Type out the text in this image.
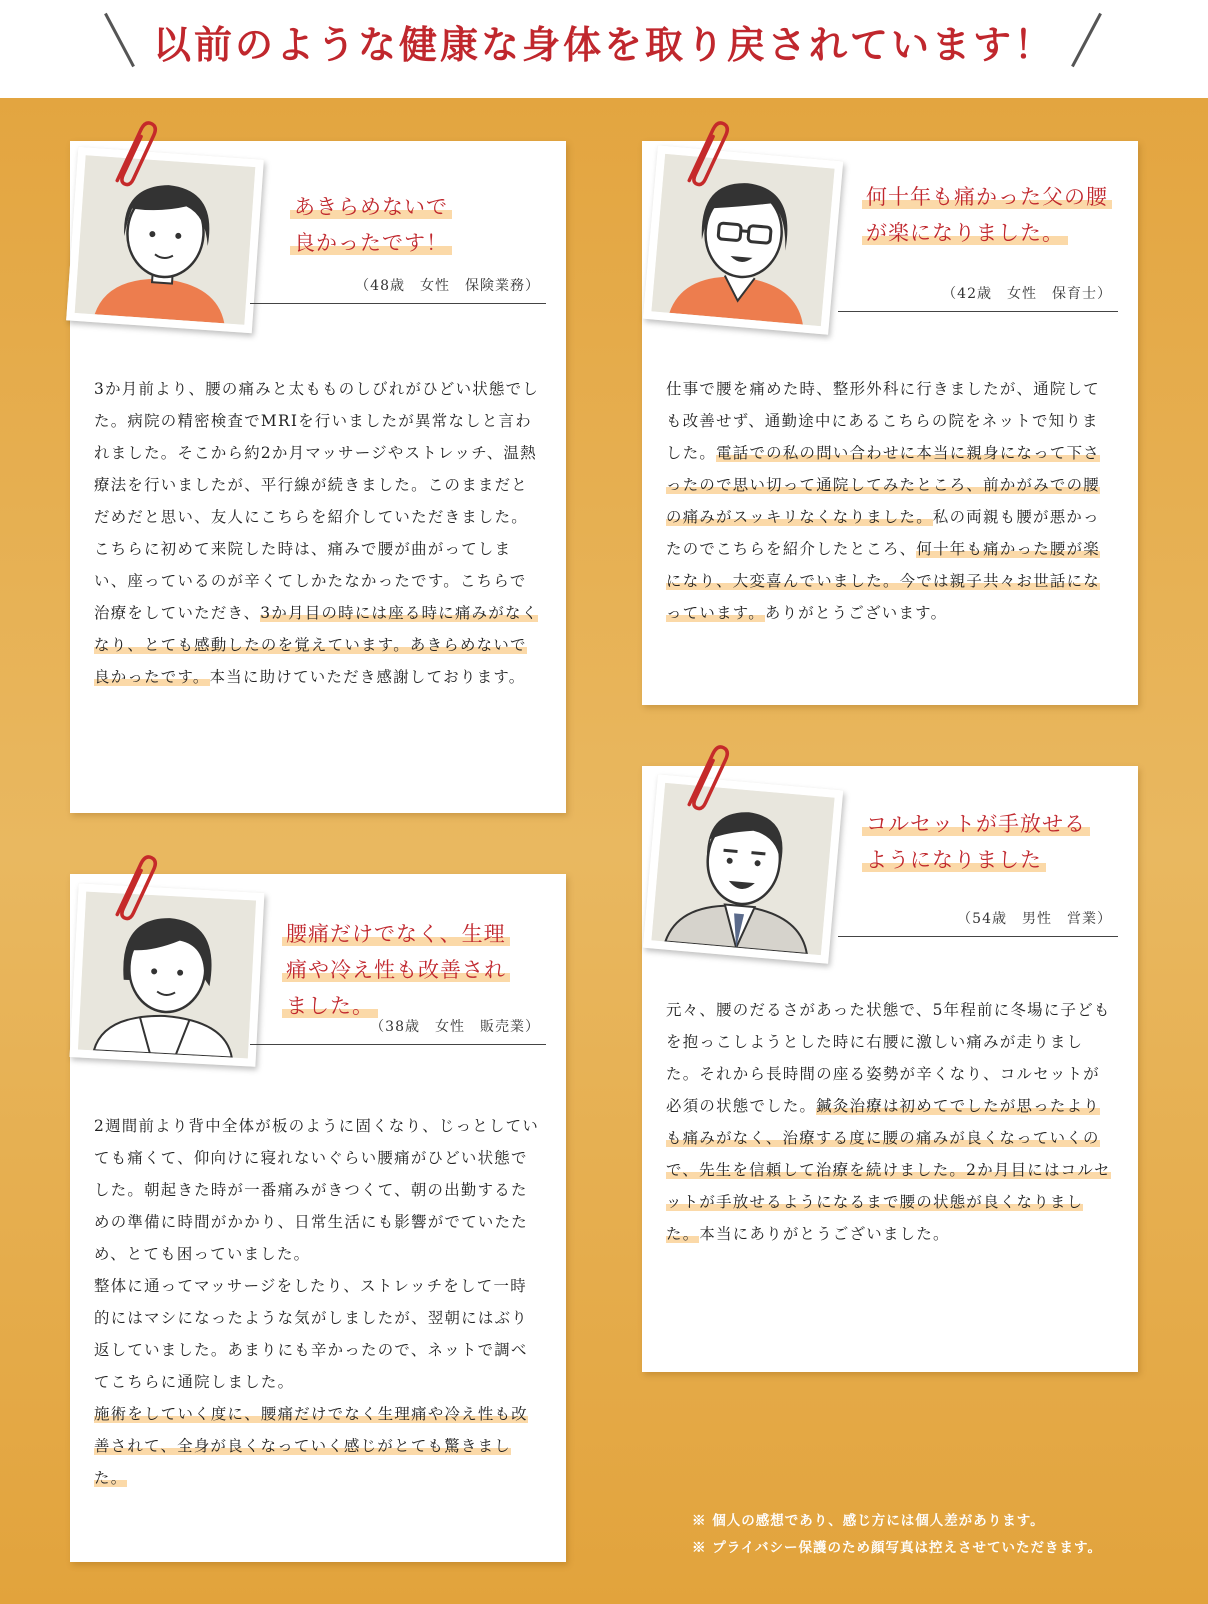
以前のような健康な身体を取り戻されています！
あきらめないで
良かったです！
（48歳　女性　保険業務）

3か月前より、腰の痛みと太もものしびれがひどい状態でした。病院の精密検査でMRIを行いましたが異常なしと言われました。そこから約2か月マッサージやストレッチ、温熱療法を行いましたが、平行線が続きました。このままだとだめだと思い、友人にこちらを紹介していただきました。

こちらに初めて来院した時は、痛みで腰が曲がってしまい、座っているのが辛くてしかたなかったです。こちらで治療をしていただき、3か月目の時には座る時に痛みがなくなり、とても感動したのを覚えています。あきらめないで良かったです。本当に助けていただき感謝しております。

何十年も痛かった父の腰
が楽になりました。
（42歳　女性　保育士）

仕事で腰を痛めた時、整形外科に行きましたが、通院しても改善せず、通勤途中にあるこちらの院をネットで知りました。電話での私の問い合わせに本当に親身になって下さったので思い切って通院してみたところ、前かがみでの腰の痛みがスッキリなくなりました。私の両親も腰が悪かったのでこちらを紹介したところ、何十年も痛かった腰が楽になり、大変喜んでいました。今では親子共々お世話になっています。ありがとうございます。

腰痛だけでなく、生理
痛や冷え性も改善され
ました。
（38歳　女性　販売業）

2週間前より背中全体が板のように固くなり、じっとしていても痛くて、仰向けに寝れないぐらい腰痛がひどい状態でした。朝起きた時が一番痛みがきつくて、朝の出勤するための準備に時間がかかり、日常生活にも影響がでていたため、とても困っていました。

整体に通ってマッサージをしたり、ストレッチをして一時的にはマシになったような気がしましたが、翌朝にはぶり返していました。あまりにも辛かったので、ネットで調べてこちらに通院しました。

施術をしていく度に、腰痛だけでなく生理痛や冷え性も改善されて、全身が良くなっていく感じがとても驚きました。

コルセットが手放せる
ようになりました
（54歳　男性　営業）

元々、腰のだるさがあった状態で、5年程前に冬場に子どもを抱っこしようとした時に右腰に激しい痛みが走りました。それから長時間の座る姿勢が辛くなり、コルセットが必須の状態でした。鍼灸治療は初めてでしたが思ったよりも痛みがなく、治療する度に腰の痛みが良くなっていくので、先生を信頼して治療を続けました。2か月目にはコルセットが手放せるようになるまで腰の状態が良くなりました。本当にありがとうございました。

※ 個人の感想であり、感じ方には個人差があります。
※ プライバシー保護のため顔写真は控えさせていただきます。
